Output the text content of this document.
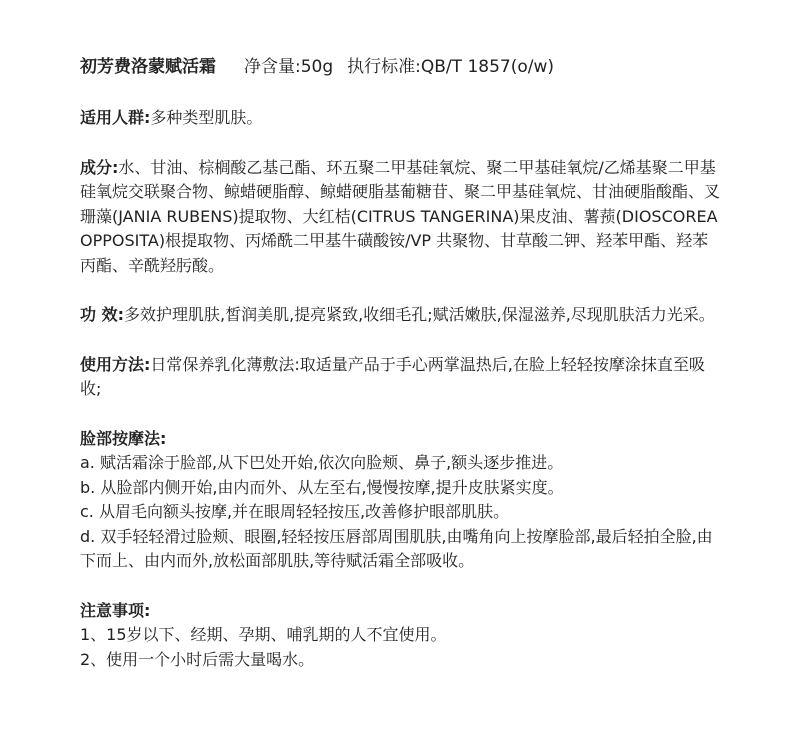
初芳费洛蒙赋活霜 净含量:50g 执行标准:QB/T 1857(o/w)

适用人群:多种类型肌肤。

成分:水、甘油、棕榈酸乙基己酯、环五聚二甲基硅氧烷、聚二甲基硅氧烷/乙烯基聚二甲基硅氧烷交联聚合物、鲸蜡硬脂醇、鲸蜡硬脂基葡糖苷、聚二甲基硅氧烷、甘油硬脂酸酯、叉珊藻(JANIA RUBENS)提取物、大红桔(CITRUS TANGERINA)果皮油、薯蓣(DIOSCOREA OPPOSITA)根提取物、丙烯酰二甲基牛磺酸铵/VP 共聚物、甘草酸二钾、羟苯甲酯、羟苯丙酯、辛酰羟肟酸。

功 效:多效护理肌肤,皙润美肌,提亮紧致,收细毛孔;赋活嫩肤,保湿滋养,尽现肌肤活力光采。

使用方法:日常保养乳化薄敷法:取适量产品于手心两掌温热后,在脸上轻轻按摩涂抹直至吸收;

脸部按摩法:

a. 赋活霜涂于脸部,从下巴处开始,依次向脸颊、鼻子,额头逐步推进。
b. 从脸部内侧开始,由内而外、从左至右,慢慢按摩,提升皮肤紧实度。
c. 从眉毛向额头按摩,并在眼周轻轻按压,改善修护眼部肌肤。
d. 双手轻轻滑过脸颊、眼圈,轻轻按压唇部周围肌肤,由嘴角向上按摩脸部,最后轻拍全脸,由下而上、由内而外,放松面部肌肤,等待赋活霜全部吸收。

注意事项:

1、15岁以下、经期、孕期、哺乳期的人不宜使用。
2、使用一个小时后需大量喝水。
